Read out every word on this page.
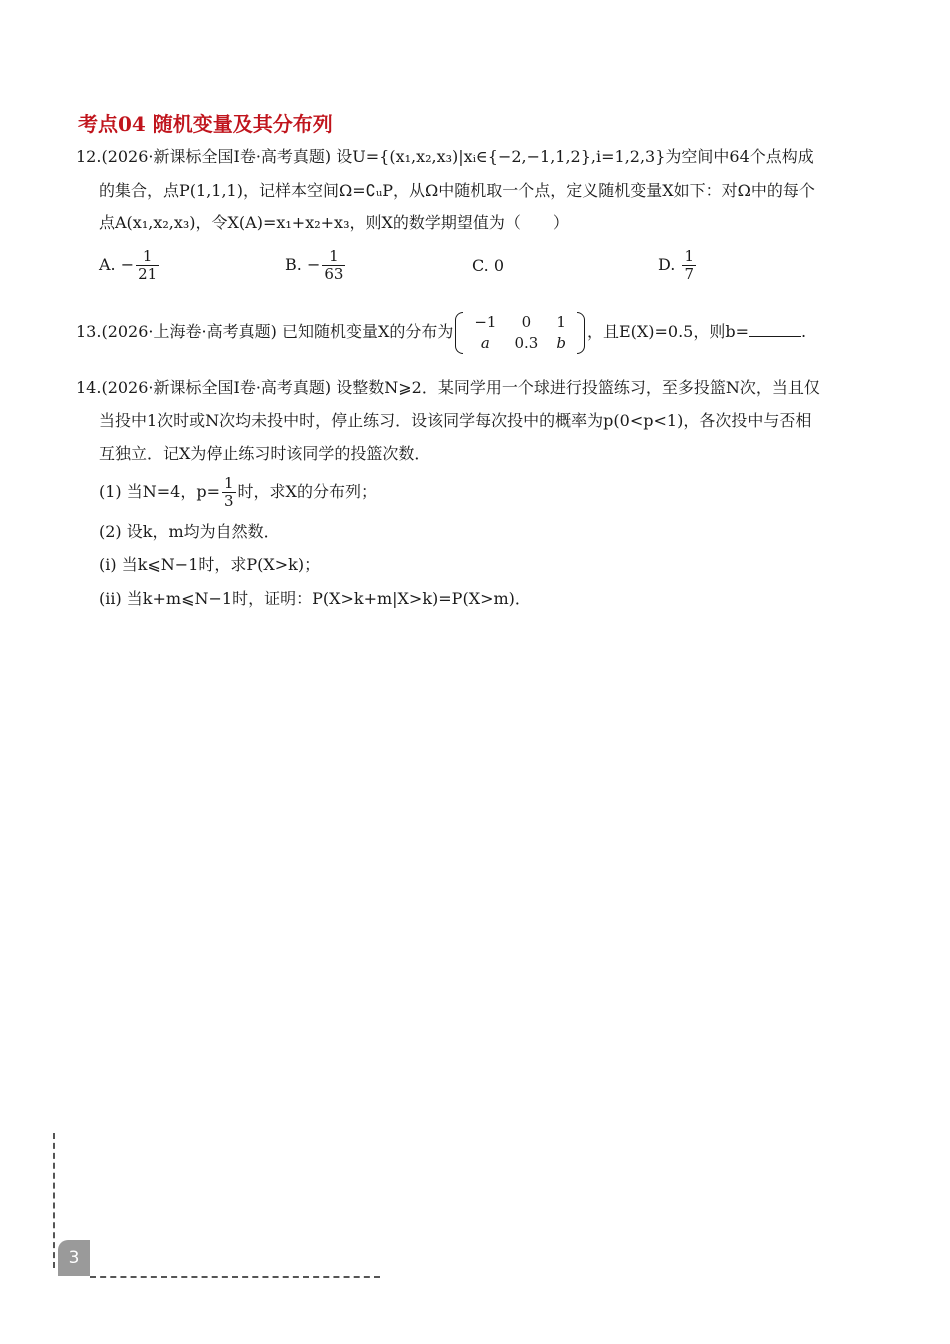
考点04 随机变量及其分布列
12.(2026·新课标全国Ⅰ卷·高考真题) 设U={(x₁,x₂,x₃)|xᵢ∈{−2,−1,1,2},i=1,2,3}为空间中64个点构成
的集合，点P(1,1,1)，记样本空间Ω=∁ᵤP，从Ω中随机取一个点，定义随机变量X如下：对Ω中的每个
点A(x₁,x₂,x₃)，令X(A)=x₁+x₂+x₃，则X的数学期望值为（　　）
A. − $\frac{1}{21}$	B. − $\frac{1}{63}$	C. 0	D. $\frac{1}{7}$
13.(2026·上海卷·高考真题) 已知随机变量X的分布为
−1	0	1
a	0.3	b
，且E(X)=0.5，则b=	.
14.(2026·新课标全国Ⅰ卷·高考真题) 设整数N⩾2．某同学用一个球进行投篮练习，至多投篮N次，当且仅
当投中1次时或N次均未投中时，停止练习．设该同学每次投中的概率为p(0<p<1)，各次投中与否相
互独立．记X为停止练习时该同学的投篮次数．
(1) 当N=4，$p= \frac{1}{3}$ 时，求X的分布列；
(2) 设k，m均为自然数．
(i) 当k⩽N−1时，求P(X>k)；
(ii) 当k+m⩽N−1时，证明：P(X>k+m|X>k)=P(X>m)．
3
